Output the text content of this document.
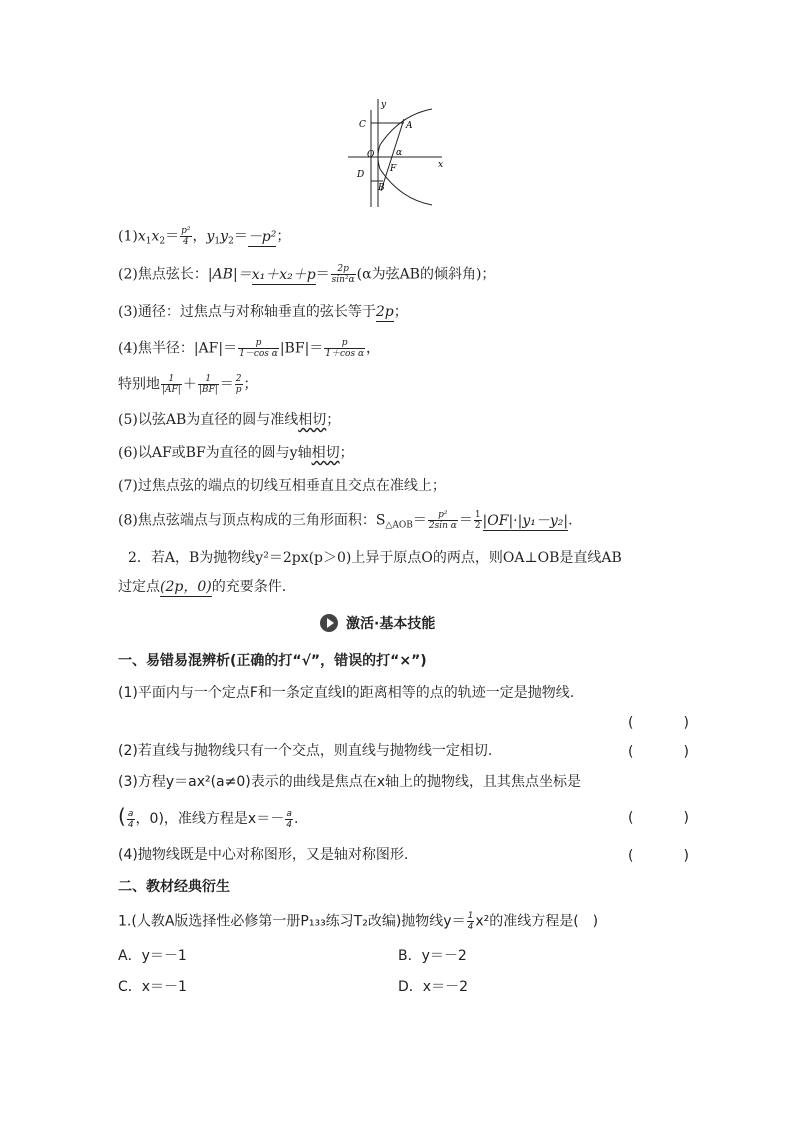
y
x
C	A
O α
F
D
B
$(1)x_1x_2= \frac{\text{p²}}{4}$ ，$y_1y_2=-p^2$；
(2)焦点弦长：$|AB|=x_1+x_2+p= \frac{2p}{\text{sin²α}} (\alpha$为弦AB的倾斜角)；
(3)通径：过焦点与对称轴垂直的弦长等于2p；
(4)焦半径：$|AF|= \frac{p}{\text{1－cos α}} |BF|= \frac{p}{\text{1＋cos α}}$ ，
特别地 $\frac{1}{|AF|} + \frac{1}{|BF|} = \frac{2}{p}$ ；
(5)以弦AB为直径的圆与准线相切；
(6)以AF或BF为直径的圆与y轴相切；
(7)过焦点弦的端点的切线互相垂直且交点在准线上；
(8)焦点弦端点与顶点构成的三角形面积：$S_{\triangle AOB}= \frac{\text{p²}}{\text{2sin α}} = \frac{1}{2} |OF|\cdot|y_1-y_2|$.
2．若A，B为抛物线y²＝2px(p＞0)上异于原点O的两点，则OA⊥OB是直线AB
过定点(2p，0)的充要条件.
激活·基本技能
一、易错易混辨析(正确的打“√”，错误的打“×”)
(1)平面内与一个定点F和一条定直线l的距离相等的点的轨迹一定是抛物线.
(　)
(2)若直线与抛物线只有一个交点，则直线与抛物线一定相切.	(　)
(3)方程y＝ax²(a≠0)表示的曲线是焦点在x轴上的抛物线，且其焦点坐标是
( $\frac{a}{4}$ ，0)，准线方程是$x=- \frac{a}{4}$ .	(　)
(4)抛物线既是中心对称图形，又是轴对称图形.	(　)
二、教材经典衍生
1.(人教A版选择性必修第一册P₁₃₃练习T₂改编)抛物线$y= \frac{1}{4} x^2$的准线方程是(　)
A．y＝－1	B．y＝－2
C．x＝－1	D．x＝－2
